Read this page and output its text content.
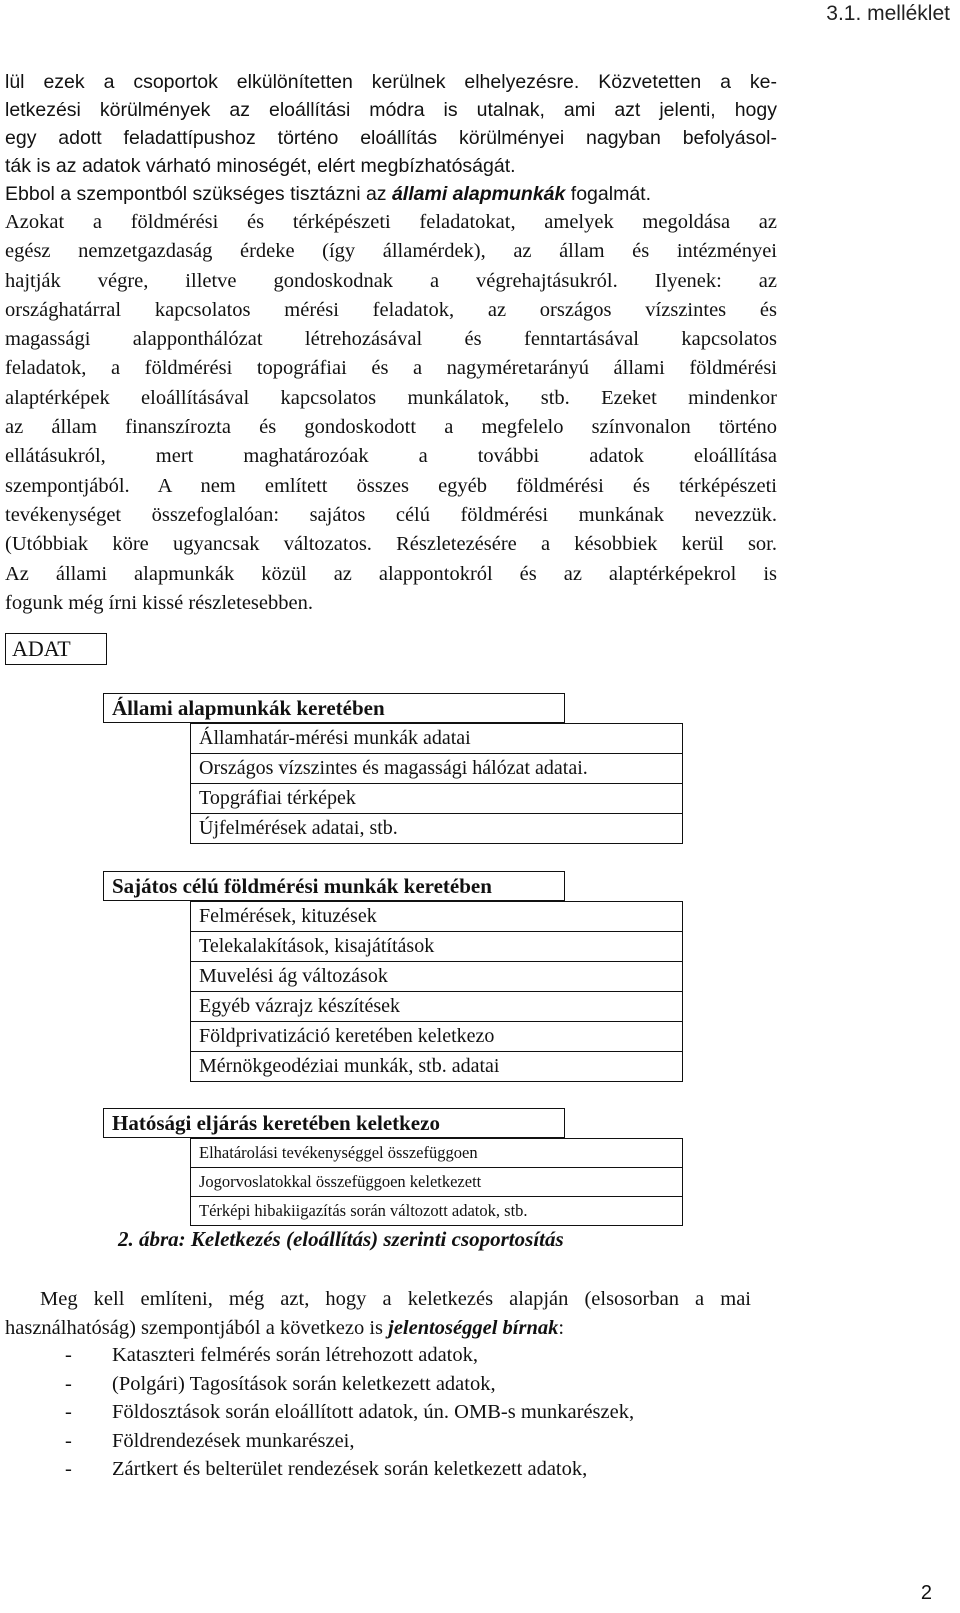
3.1. melléklet

lül ezek a csoportok elkülönítetten kerülnek elhelyezésre. Közvetetten a ke-
letkezési körülmények az eloállítási módra is utalnak, ami azt jelenti, hogy
egy adott feladattípushoz történo eloállítás körülményei nagyban befolyásol-
ták is az adatok várható minoségét, elért megbízhatóságát.

Ebbol a szempontból szükséges tisztázni az állami alapmunkák fogalmát.

Azokat a földmérési és térképészeti feladatokat, amelyek megoldása az
egész nemzetgazdaság érdeke (így államérdek), az állam és intézményei
hajtják végre, illetve gondoskodnak a végrehajtásukról. Ilyenek: az
országhatárral kapcsolatos mérési feladatok, az országos vízszintes és
magassági alapponthálózat létrehozásával és fenntartásával kapcsolatos
feladatok, a földmérési topográfiai és a nagyméretarányú állami földmérési
alaptérképek eloállításával kapcsolatos munkálatok, stb. Ezeket mindenkor
az állam finanszírozta és gondoskodott a megfelelo színvonalon történo
ellátásukról, mert maghatározóak a további adatok eloállítása
szempontjából. A nem említett összes egyéb földmérési és térképészeti
tevékenységet összefoglalóan: sajátos célú földmérési munkának nevezzük.
(Utóbbiak köre ugyancsak változatos. Részletezésére a késobbiek kerül sor.
Az állami alapmunkák közül az alappontokról és az alaptérképekrol is
fogunk még írni kissé részletesebben.

ADAT
Állami alapmunkák keretében
Államhatár-mérési munkák adatai
Országos vízszintes és magassági hálózat adatai.
Topgráfiai térképek
Újfelmérések adatai, stb.
Sajátos célú földmérési munkák keretében
Felmérések, kituzések
Telekalakítások, kisajátítások
Muvelési ág változások
Egyéb vázrajz készítések
Földprivatizáció keretében keletkezo
Mérnökgeodéziai munkák, stb. adatai
Hatósági eljárás keretében keletkezo
Elhatárolási tevékenységgel összefüggoen
Jogorvoslatokkal összefüggoen keletkezett
Térképi hibakiigazítás során változott adatok, stb.
2. ábra: Keletkezés (eloállítás) szerinti csoportosítás

Meg kell említeni, még azt, hogy a keletkezés alapján (elsosorban a mai
használhatóság) szempontjából a következo is jelentoséggel bírnak:

- Kataszteri felmérés során létrehozott adatok,
- (Polgári) Tagosítások során keletkezett adatok,
- Földosztások során eloállított adatok, ún. OMB-s munkarészek,
- Földrendezések munkarészei,
- Zártkert és belterület rendezések során keletkezett adatok,
2
